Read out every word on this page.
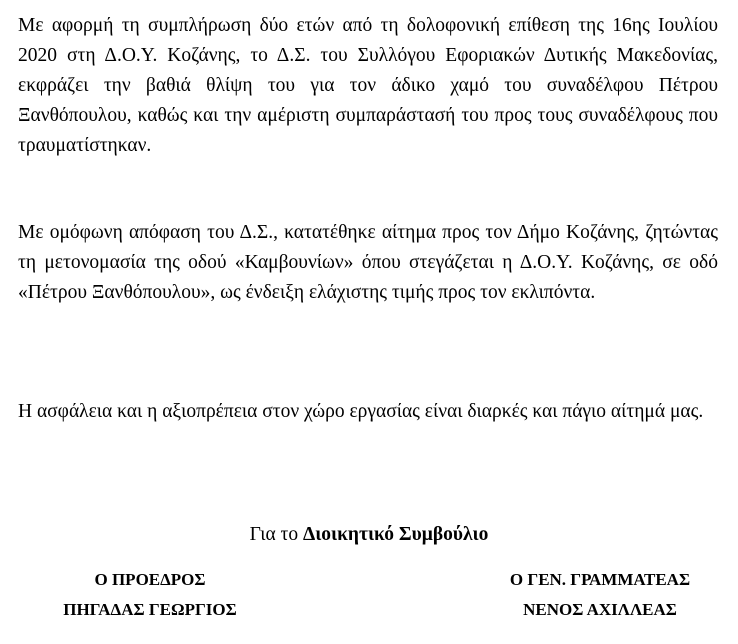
Με αφορμή τη συμπλήρωση δύο ετών από τη δολοφονική επίθεση της 16ης Ιουλίου 2020 στη Δ.Ο.Υ. Κοζάνης, το Δ.Σ. του Συλλόγου Εφοριακών Δυτικής Μακεδονίας, εκφράζει την βαθιά θλίψη του για τον άδικο χαμό του συναδέλφου Πέτρου Ξανθόπουλου, καθώς και την αμέριστη συμπαράστασή του προς τους συναδέλφους που τραυματίστηκαν.

Με ομόφωνη απόφαση του Δ.Σ., κατατέθηκε αίτημα προς τον Δήμο Κοζάνης, ζητώντας τη μετονομασία της οδού «Καμβουνίων» όπου στεγάζεται η Δ.Ο.Υ. Κοζάνης, σε οδό «Πέτρου Ξανθόπουλου», ως ένδειξη ελάχιστης τιμής προς τον εκλιπόντα.

Η ασφάλεια και η αξιοπρέπεια στον χώρο εργασίας είναι διαρκές και πάγιο αίτημά μας.

Για το Διοικητικό Συμβούλιο
Ο ΠΡΟΕΔΡΟΣ
ΠΗΓΑΔΑΣ ΓΕΩΡΓΙΟΣ
Ο ΓΕΝ. ΓΡΑΜΜΑΤΕΑΣ
ΝΕΝΟΣ ΑΧΙΛΛΕΑΣ
